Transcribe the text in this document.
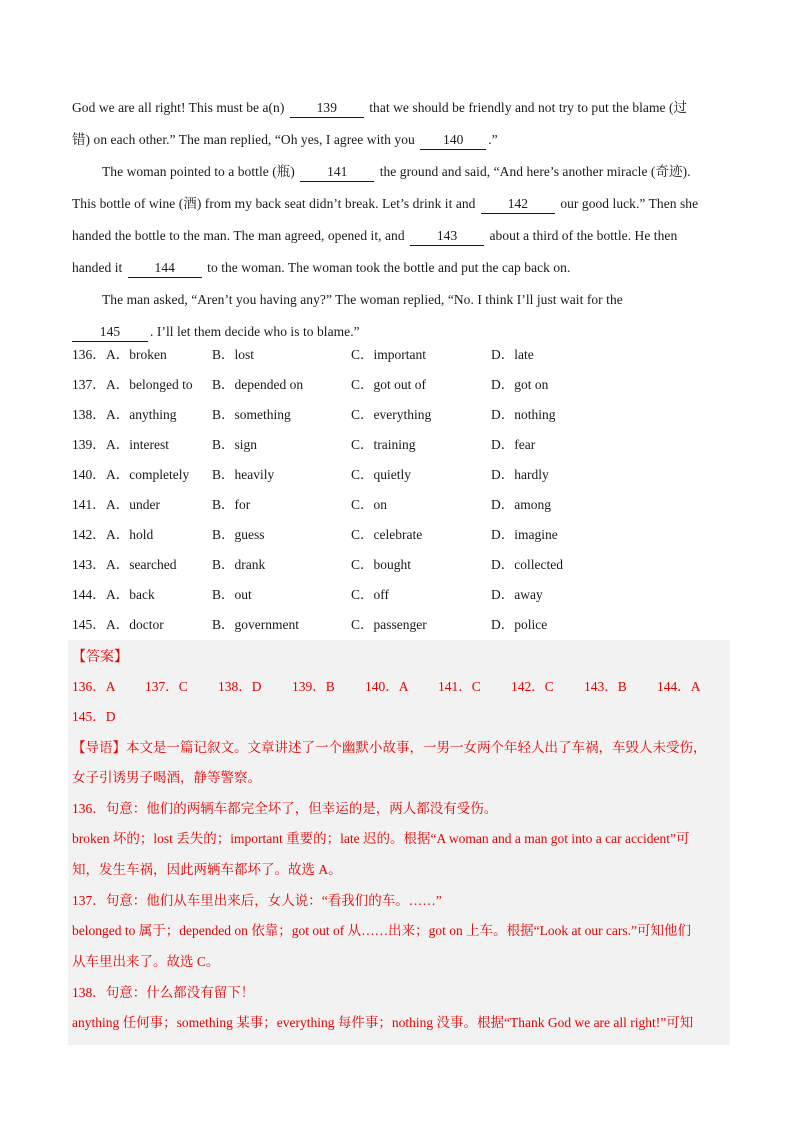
God we are all right! This must be a(n) 139 that we should be friendly and not try to put the blame (过
错) on each other.” The man replied, “Oh yes, I agree with you 140 .”
The woman pointed to a bottle (瓶) 141 the ground and said, “And here’s another miracle (奇迹).
This bottle of wine (酒) from my back seat didn’t break. Let’s drink it and 142 our good luck.” Then she
handed the bottle to the man. The man agreed, opened it, and 143 about a third of the bottle. He then
handed it 144 to the woman. The woman took the bottle and put the cap back on.
The man asked, “Aren’t you having any?” The woman replied, “No. I think I’ll just wait for the
145 . I’ll let them decide who is to blame.”
136． A．broken	B．lost	C．important	D．late
137． A．belonged to B．depended on	C．got out of	D．got on
138． A．anything	B．something	C．everything	D．nothing
139． A．interest	B．sign	C．training	D．fear
140． A．completely B．heavily	C．quietly	D．hardly
141． A．under	B．for	C．on	D．among
142． A．hold	B．guess	C．celebrate	D．imagine
143． A．searched	B．drank	C．bought	D．collected
144． A．back	B．out	C．off	D．away
145． A．doctor	B．government	C．passenger	D．police
【答案】
136．A 137．C 138．D 139．B 140．A 141．C 142．C 143．B 144．A
145．D
【导语】本文是一篇记叙文。文章讲述了一个幽默小故事，一男一女两个年轻人出了车祸，车毁人未受伤，
女子引诱男子喝酒，静等警察。
136．句意：他们的两辆车都完全坏了，但幸运的是，两人都没有受伤。
broken 坏的；lost 丢失的；important 重要的；late 迟的。根据“A woman and a man got into a car accident”可
知，发生车祸，因此两辆车都坏了。故选 A。
137．句意：他们从车里出来后，女人说：“看我们的车。……”
belonged to 属于；depended on 依靠；got out of 从……出来；got on 上车。根据“Look at our cars.”可知他们
从车里出来了。故选 C。
138．句意：什么都没有留下！
anything 任何事；something 某事；everything 每件事；nothing 没事。根据“Thank God we are all right!”可知
